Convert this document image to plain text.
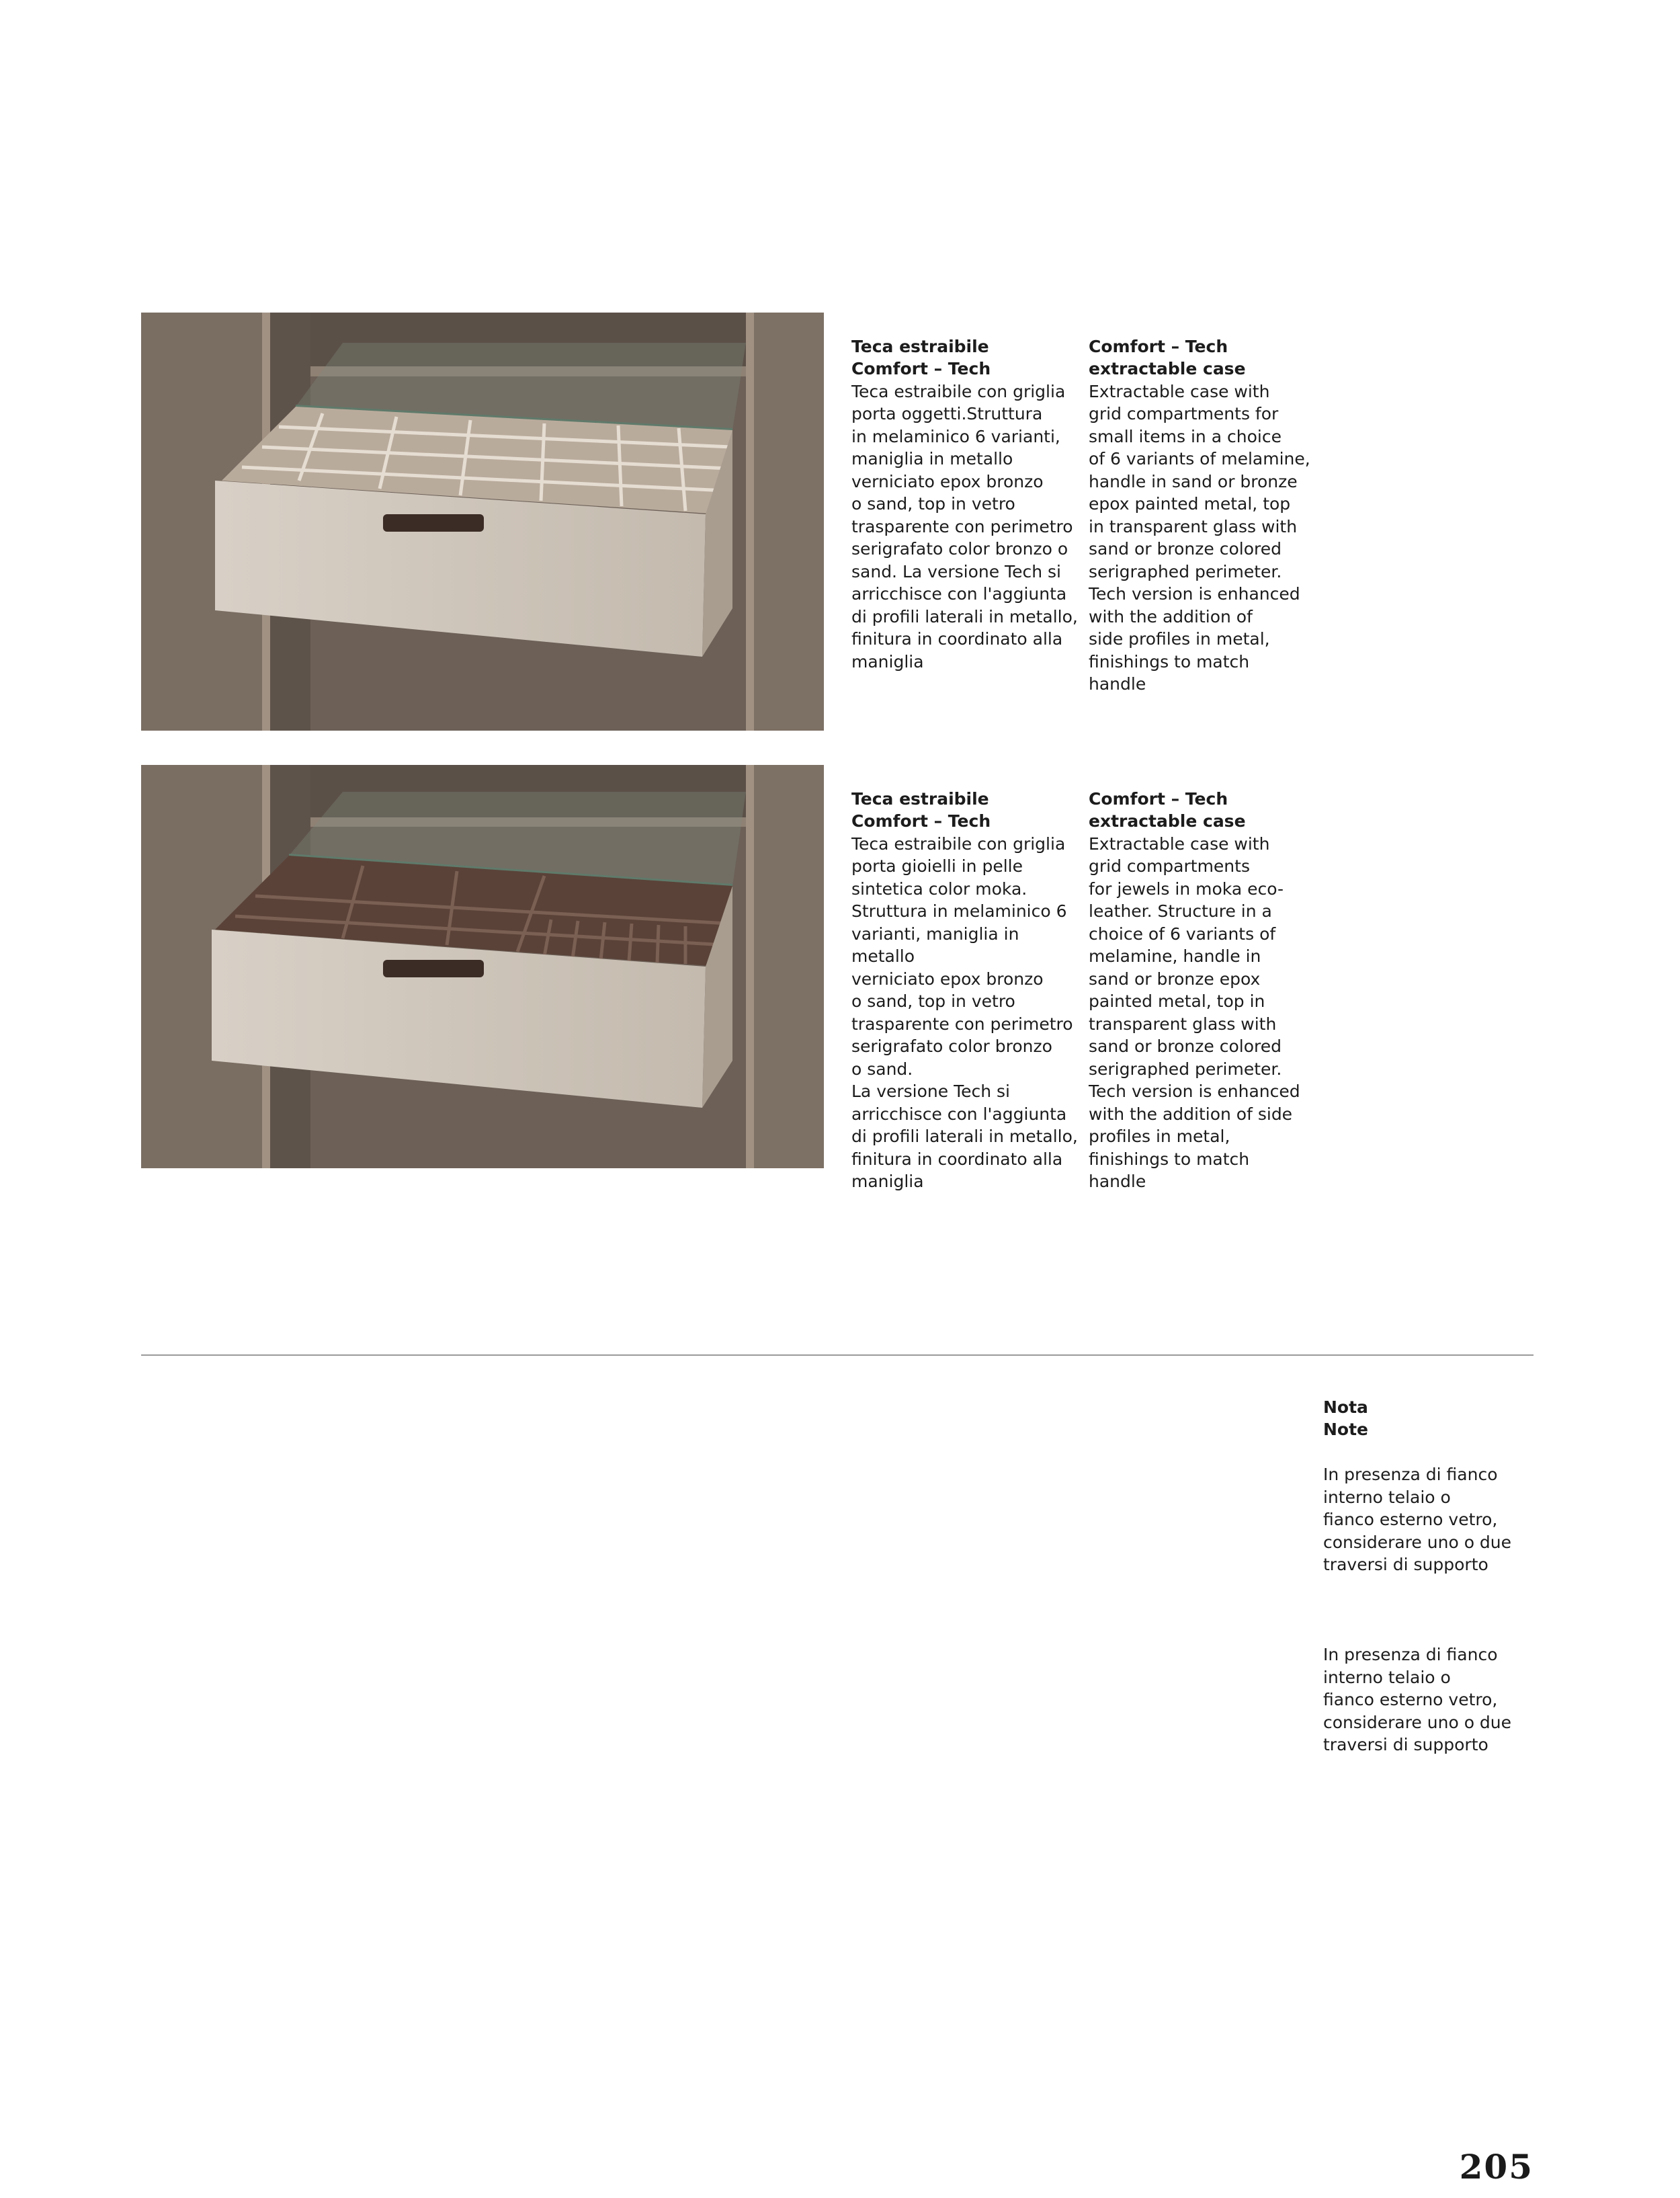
Teca estraibile
Comfort – Tech
Teca estraibile con griglia
porta oggetti.Struttura
in melaminico 6 varianti,
maniglia in metallo
verniciato epox bronzo
o sand, top in vetro
trasparente con perimetro
serigrafato color bronzo o
sand. La versione Tech si
arricchisce con l'aggiunta
di profili laterali in metallo,
finitura in coordinato alla
maniglia

Comfort – Tech
extractable case
Extractable case with
grid compartments for
small items in a choice
of 6 variants of melamine,
handle in sand or bronze
epox painted metal, top
in transparent glass with
sand or bronze colored
serigraphed perimeter.
Tech version is enhanced
with the addition of
side profiles in metal,
finishings to match
handle

Teca estraibile
Comfort – Tech
Teca estraibile con griglia
porta gioielli in pelle
sintetica color moka.
Struttura in melaminico 6
varianti, maniglia in metallo
verniciato epox bronzo
o sand, top in vetro
trasparente con perimetro
serigrafato color bronzo
o sand.
La versione Tech si
arricchisce con l'aggiunta
di profili laterali in metallo,
finitura in coordinato alla
maniglia

Comfort – Tech
extractable case
Extractable case with
grid compartments
for jewels in moka eco-
leather. Structure in a
choice of 6 variants of
melamine, handle in
sand or bronze epox
painted metal, top in
transparent glass with
sand or bronze colored
serigraphed perimeter.
Tech version is enhanced
with the addition of side
profiles in metal,
finishings to match
handle

Nota
Note

In presenza di fianco
interno telaio o
fianco esterno vetro,
considerare uno o due
traversi di supporto

In presenza di fianco
interno telaio o
fianco esterno vetro,
considerare uno o due
traversi di supporto

205
